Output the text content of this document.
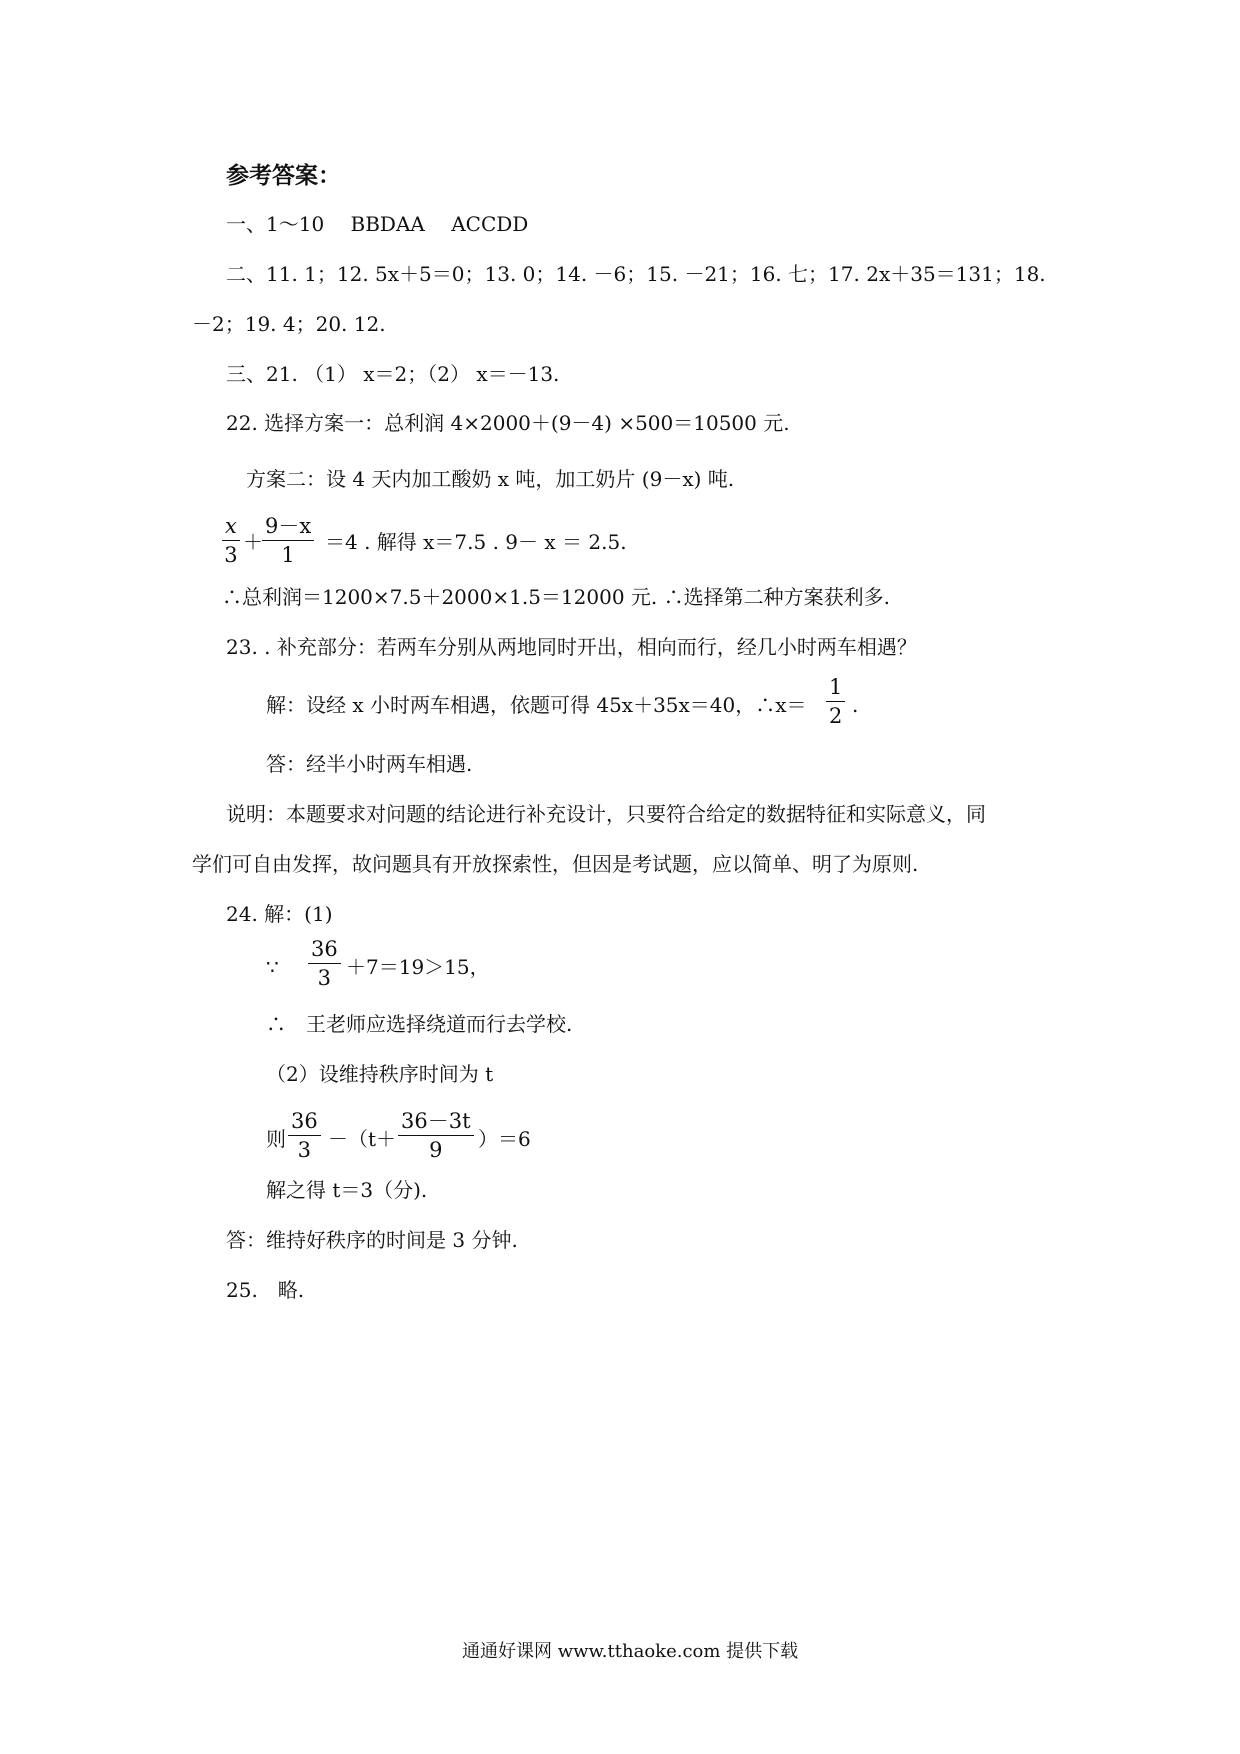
参考答案：
一、1～10　 BBDAA　 ACCDD
二、11. 1；12. 5x＋5＝0；13. 0；14. －6；15. －21；16. 七；17. 2x＋35＝131；18.
－2；19. 4；20. 12.
三、21. （1） x＝2；（2） x＝－13.
22. 选择方案一：总利润 4×2000＋(9－4) ×500＝10500 元.
方案二：设 4 天内加工酸奶 x 吨，加工奶片 (9－x) 吨.
$\frac{x}{3} + \frac{9-x}{1} =4$ . 解得 x＝7.5 . 9－ x ＝ 2.5.
∴总利润＝1200×7.5＋2000×1.5＝12000 元. ∴选择第二种方案获利多.
23. . 补充部分：若两车分别从两地同时开出，相向而行，经几小时两车相遇？
解：设经 x 小时两车相遇，依题可得 45x＋35x＝40，∴x＝ $\frac{1}{2}$ .
答：经半小时两车相遇.
说明：本题要求对问题的结论进行补充设计，只要符合给定的数据特征和实际意义，同
学们可自由发挥，故问题具有开放探索性，但因是考试题，应以简单、明了为原则.
24. 解：(1)
∵ $\frac{36}{3} +7=19>15$，
∴　王老师应选择绕道而行去学校.
（2）设维持秩序时间为 t
则 $\frac{36}{3} -(t+ \frac{36-3t}{9} )=6$
解之得 t＝3（分).
答：维持好秩序的时间是 3 分钟.
25.　略.
通通好课网 www.tthaoke.com 提供下载
